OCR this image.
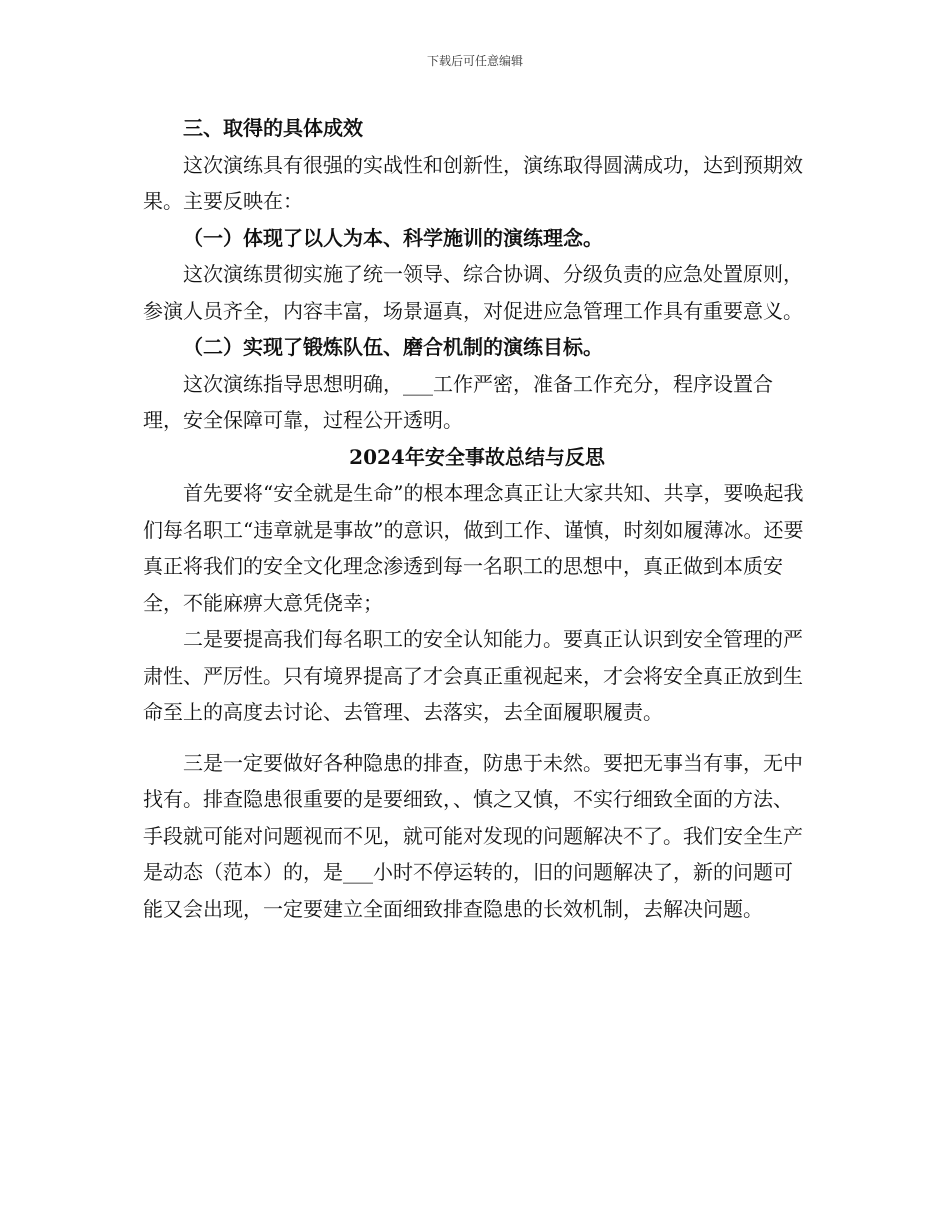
下载后可任意编辑

三、取得的具体成效

这次演练具有很强的实战性和创新性，演练取得圆满成功，达到预期效果。主要反映在：

（一）体现了以人为本、科学施训的演练理念。

这次演练贯彻实施了统一领导、综合协调、分级负责的应急处置原则，参演人员齐全，内容丰富，场景逼真，对促进应急管理工作具有重要意义。

（二）实现了锻炼队伍、磨合机制的演练目标。

这次演练指导思想明确，___工作严密，准备工作充分，程序设置合理，安全保障可靠，过程公开透明。

2024年安全事故总结与反思

首先要将“安全就是生命”的根本理念真正让大家共知、共享，要唤起我们每名职工“违章就是事故”的意识，做到工作、谨慎，时刻如履薄冰。还要真正将我们的安全文化理念渗透到每一名职工的思想中，真正做到本质安全，不能麻痹大意凭侥幸；

二是要提高我们每名职工的安全认知能力。要真正认识到安全管理的严肃性、严厉性。只有境界提高了才会真正重视起来，才会将安全真正放到生命至上的高度去讨论、去管理、去落实，去全面履职履责。

三是一定要做好各种隐患的排查，防患于未然。要把无事当有事，无中找有。排查隐患很重要的是要细致，、慎之又慎，不实行细致全面的方法、手段就可能对问题视而不见，就可能对发现的问题解决不了。我们安全生产是动态（范本）的，是___小时不停运转的，旧的问题解决了，新的问题可能又会出现，一定要建立全面细致排查隐患的长效机制，去解决问题。
